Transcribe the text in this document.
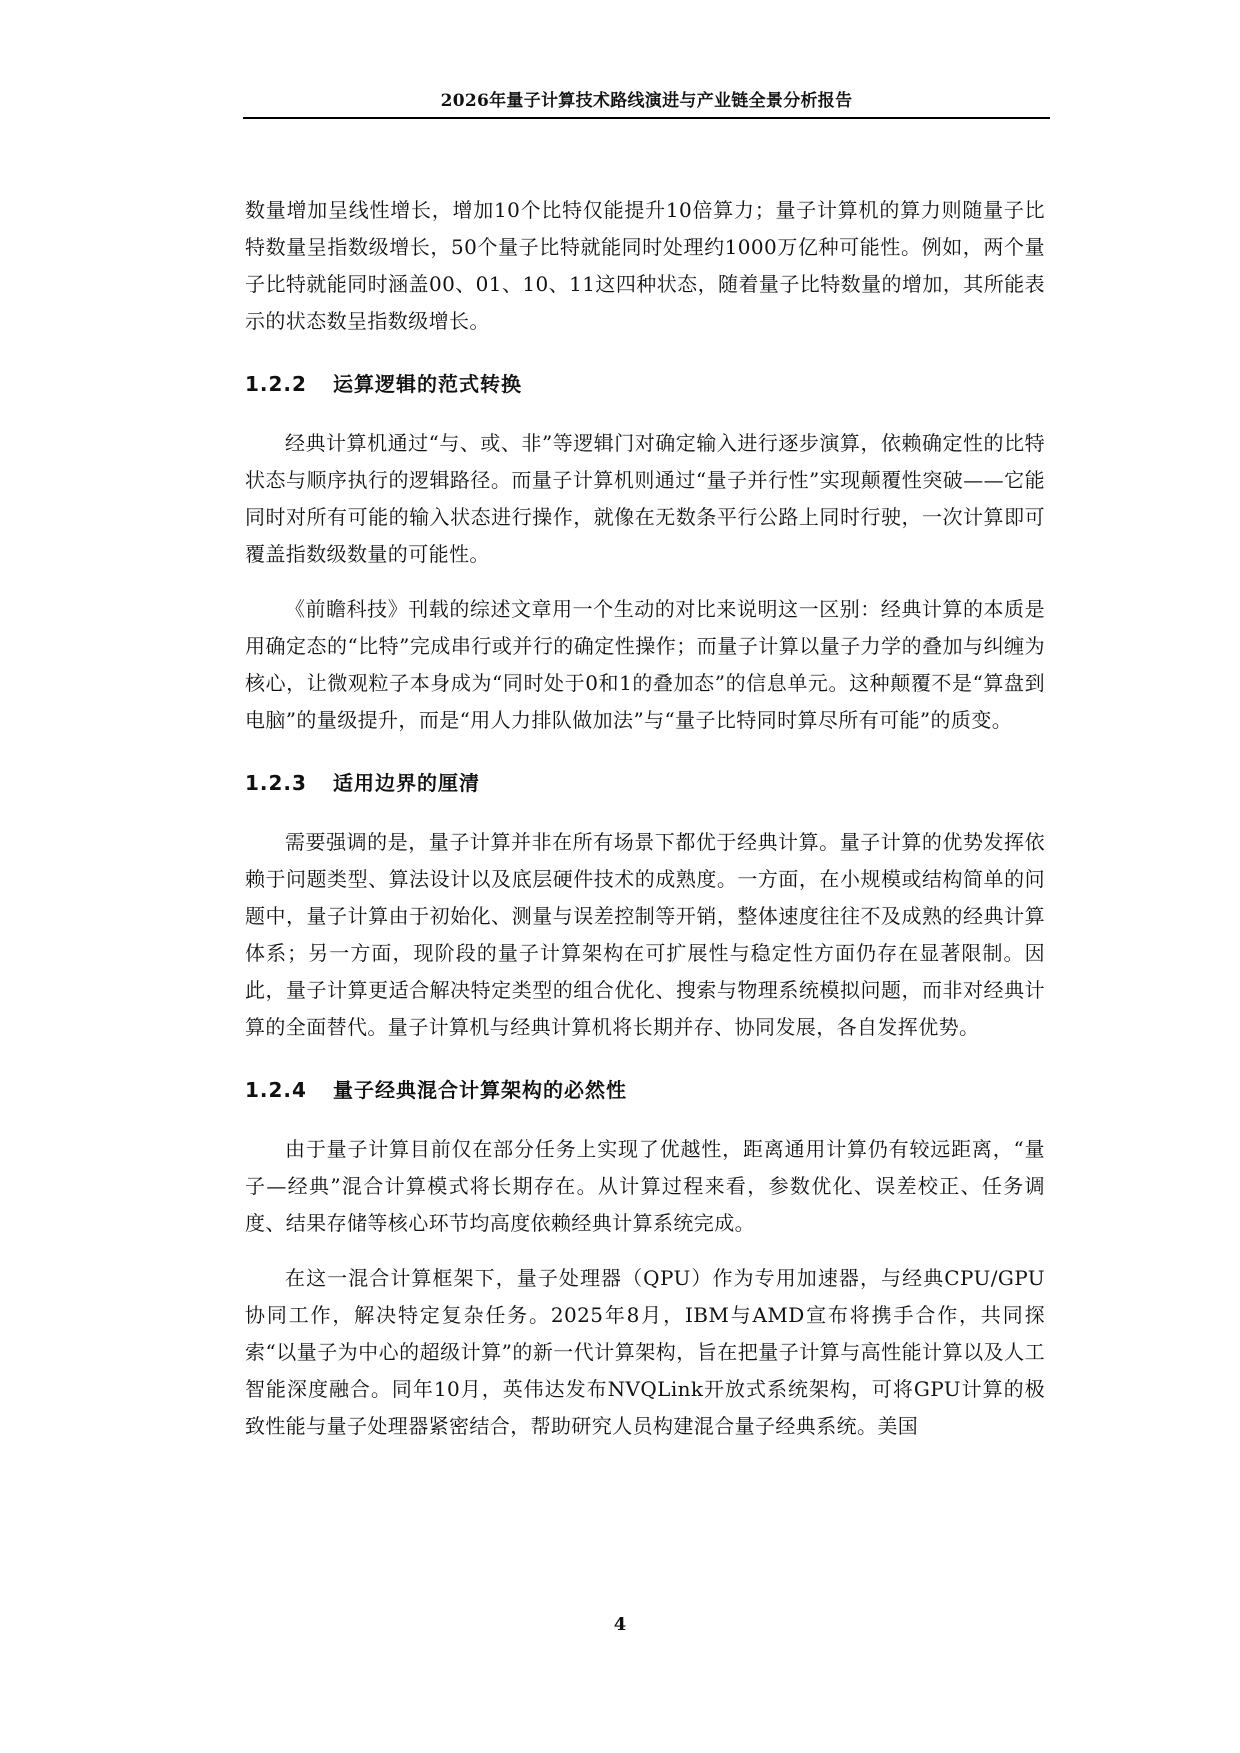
2026年量子计算技术路线演进与产业链全景分析报告

数量增加呈线性增长，增加10个比特仅能提升10倍算力；量子计算机的算力则随量子比特数量呈指数级增长，50个量子比特就能同时处理约1000万亿种可能性。例如，两个量子比特就能同时涵盖00、01、10、11这四种状态，随着量子比特数量的增加，其所能表示的状态数呈指数级增长。

1.2.2 运算逻辑的范式转换

经典计算机通过“与、或、非”等逻辑门对确定输入进行逐步演算，依赖确定性的比特状态与顺序执行的逻辑路径。而量子计算机则通过“量子并行性”实现颠覆性突破——它能同时对所有可能的输入状态进行操作，就像在无数条平行公路上同时行驶，一次计算即可覆盖指数级数量的可能性。

《前瞻科技》刊载的综述文章用一个生动的对比来说明这一区别：经典计算的本质是用确定态的“比特”完成串行或并行的确定性操作；而量子计算以量子力学的叠加与纠缠为核心，让微观粒子本身成为“同时处于0和1的叠加态”的信息单元。这种颠覆不是“算盘到电脑”的量级提升，而是“用人力排队做加法”与“量子比特同时算尽所有可能”的质变。

1.2.3 适用边界的厘清

需要强调的是，量子计算并非在所有场景下都优于经典计算。量子计算的优势发挥依赖于问题类型、算法设计以及底层硬件技术的成熟度。一方面，在小规模或结构简单的问题中，量子计算由于初始化、测量与误差控制等开销，整体速度往往不及成熟的经典计算体系；另一方面，现阶段的量子计算架构在可扩展性与稳定性方面仍存在显著限制。因此，量子计算更适合解决特定类型的组合优化、搜索与物理系统模拟问题，而非对经典计算的全面替代。量子计算机与经典计算机将长期并存、协同发展，各自发挥优势。

1.2.4 量子经典混合计算架构的必然性

由于量子计算目前仅在部分任务上实现了优越性，距离通用计算仍有较远距离，“量子—经典”混合计算模式将长期存在。从计算过程来看，参数优化、误差校正、任务调度、结果存储等核心环节均高度依赖经典计算系统完成。

在这一混合计算框架下，量子处理器（QPU）作为专用加速器，与经典CPU/GPU协同工作，解决特定复杂任务。2025年8月，IBM与AMD宣布将携手合作，共同探索“以量子为中心的超级计算”的新一代计算架构，旨在把量子计算与高性能计算以及人工智能深度融合。同年10月，英伟达发布NVQLink开放式系统架构，可将GPU计算的极致性能与量子处理器紧密结合，帮助研究人员构建混合量子经典系统。美国

4
